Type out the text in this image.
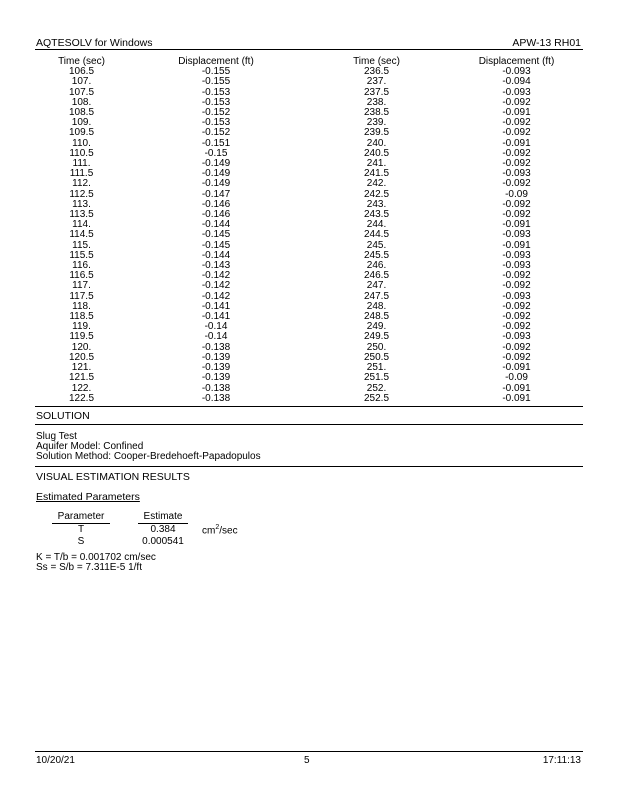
AQTESOLV for Windows	APW-13 RH01
Time (sec)	Displacement (ft)	Time (sec)	Displacement (ft)
106.5	-0.155	236.5	-0.093
107.	-0.155	237.	-0.094
107.5	-0.153	237.5	-0.093
108.	-0.153	238.	-0.092
108.5	-0.152	238.5	-0.091
109.	-0.153	239.	-0.092
109.5	-0.152	239.5	-0.092
110.	-0.151	240.	-0.091
110.5	-0.15	240.5	-0.092
111.	-0.149	241.	-0.092
111.5	-0.149	241.5	-0.093
112.	-0.149	242.	-0.092
112.5	-0.147	242.5	-0.09
113.	-0.146	243.	-0.092
113.5	-0.146	243.5	-0.092
114.	-0.144	244.	-0.091
114.5	-0.145	244.5	-0.093
115.	-0.145	245.	-0.091
115.5	-0.144	245.5	-0.093
116.	-0.143	246.	-0.093
116.5	-0.142	246.5	-0.092
117.	-0.142	247.	-0.092
117.5	-0.142	247.5	-0.093
118.	-0.141	248.	-0.092
118.5	-0.141	248.5	-0.092
119.	-0.14	249.	-0.092
119.5	-0.14	249.5	-0.093
120.	-0.138	250.	-0.092
120.5	-0.139	250.5	-0.092
121.	-0.139	251.	-0.091
121.5	-0.139	251.5	-0.09
122.	-0.138	252.	-0.091
122.5	-0.138	252.5	-0.091
SOLUTION
Slug Test
Aquifer Model: Confined
Solution Method: Cooper-Bredehoeft-Papadopulos
VISUAL ESTIMATION RESULTS
Estimated Parameters
Parameter		Estimate		
T		0.384		$cm^2/\sec$
S		0.000541		
K = T/b = 0.001702 cm/sec
Ss = S/b = 7.311E-5 1/ft
10/20/21	5	17:11:13
